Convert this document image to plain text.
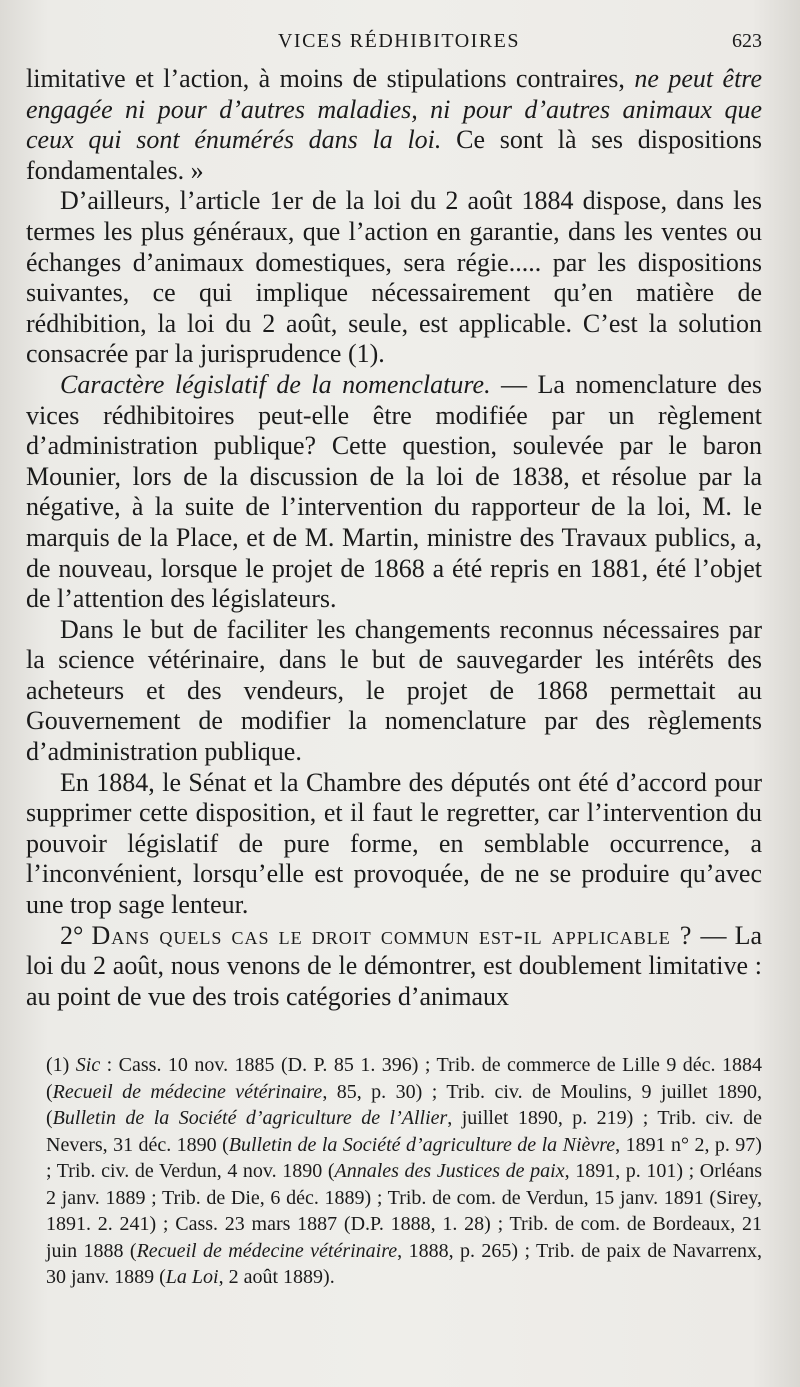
VICES RÉDHIBITOIRES	623

limitative et l’action, à moins de stipulations contraires, ne peut être engagée ni pour d’autres maladies, ni pour d’autres animaux que ceux qui sont énumérés dans la loi. Ce sont là ses dispositions fondamentales. »

D’ailleurs, l’article 1er de la loi du 2 août 1884 dispose, dans les termes les plus généraux, que l’action en garantie, dans les ventes ou échanges d’animaux domestiques, sera régie..... par les dispositions suivantes, ce qui implique nécessairement qu’en matière de rédhibition, la loi du 2 août, seule, est applicable. C’est la solution consacrée par la jurisprudence (1).

Caractère législatif de la nomenclature. — La nomenclature des vices rédhibitoires peut-elle être modifiée par un règlement d’administration publique? Cette question, soulevée par le baron Mounier, lors de la discussion de la loi de 1838, et résolue par la négative, à la suite de l’intervention du rapporteur de la loi, M. le marquis de la Place, et de M. Martin, ministre des Travaux publics, a, de nouveau, lorsque le projet de 1868 a été repris en 1881, été l’objet de l’attention des législateurs.

Dans le but de faciliter les changements reconnus nécessaires par la science vétérinaire, dans le but de sauvegarder les intérêts des acheteurs et des vendeurs, le projet de 1868 permettait au Gouvernement de modifier la nomenclature par des règlements d’administration publique.

En 1884, le Sénat et la Chambre des députés ont été d’accord pour supprimer cette disposition, et il faut le regretter, car l’intervention du pouvoir législatif de pure forme, en semblable occurrence, a l’inconvénient, lorsqu’elle est provoquée, de ne se produire qu’avec une trop sage lenteur.

2° Dans quels cas le droit commun est-il applicable ? — La loi du 2 août, nous venons de le démontrer, est doublement limitative : au point de vue des trois catégories d’animaux

(1) Sic : Cass. 10 nov. 1885 (D. P. 85 1. 396) ; Trib. de commerce de Lille 9 déc. 1884 (Recueil de médecine vétérinaire, 85, p. 30) ; Trib. civ. de Moulins, 9 juillet 1890, (Bulletin de la Société d’agriculture de l’Allier, juillet 1890, p. 219) ; Trib. civ. de Nevers, 31 déc. 1890 (Bulletin de la Société d’agriculture de la Nièvre, 1891 n° 2, p. 97) ; Trib. civ. de Verdun, 4 nov. 1890 (Annales des Justices de paix, 1891, p. 101) ; Orléans 2 janv. 1889 ; Trib. de Die, 6 déc. 1889) ; Trib. de com. de Verdun, 15 janv. 1891 (Sirey, 1891. 2. 241) ; Cass. 23 mars 1887 (D.P. 1888, 1. 28) ; Trib. de com. de Bordeaux, 21 juin 1888 (Recueil de médecine vétérinaire, 1888, p. 265) ; Trib. de paix de Navarrenx, 30 janv. 1889 (La Loi, 2 août 1889).
